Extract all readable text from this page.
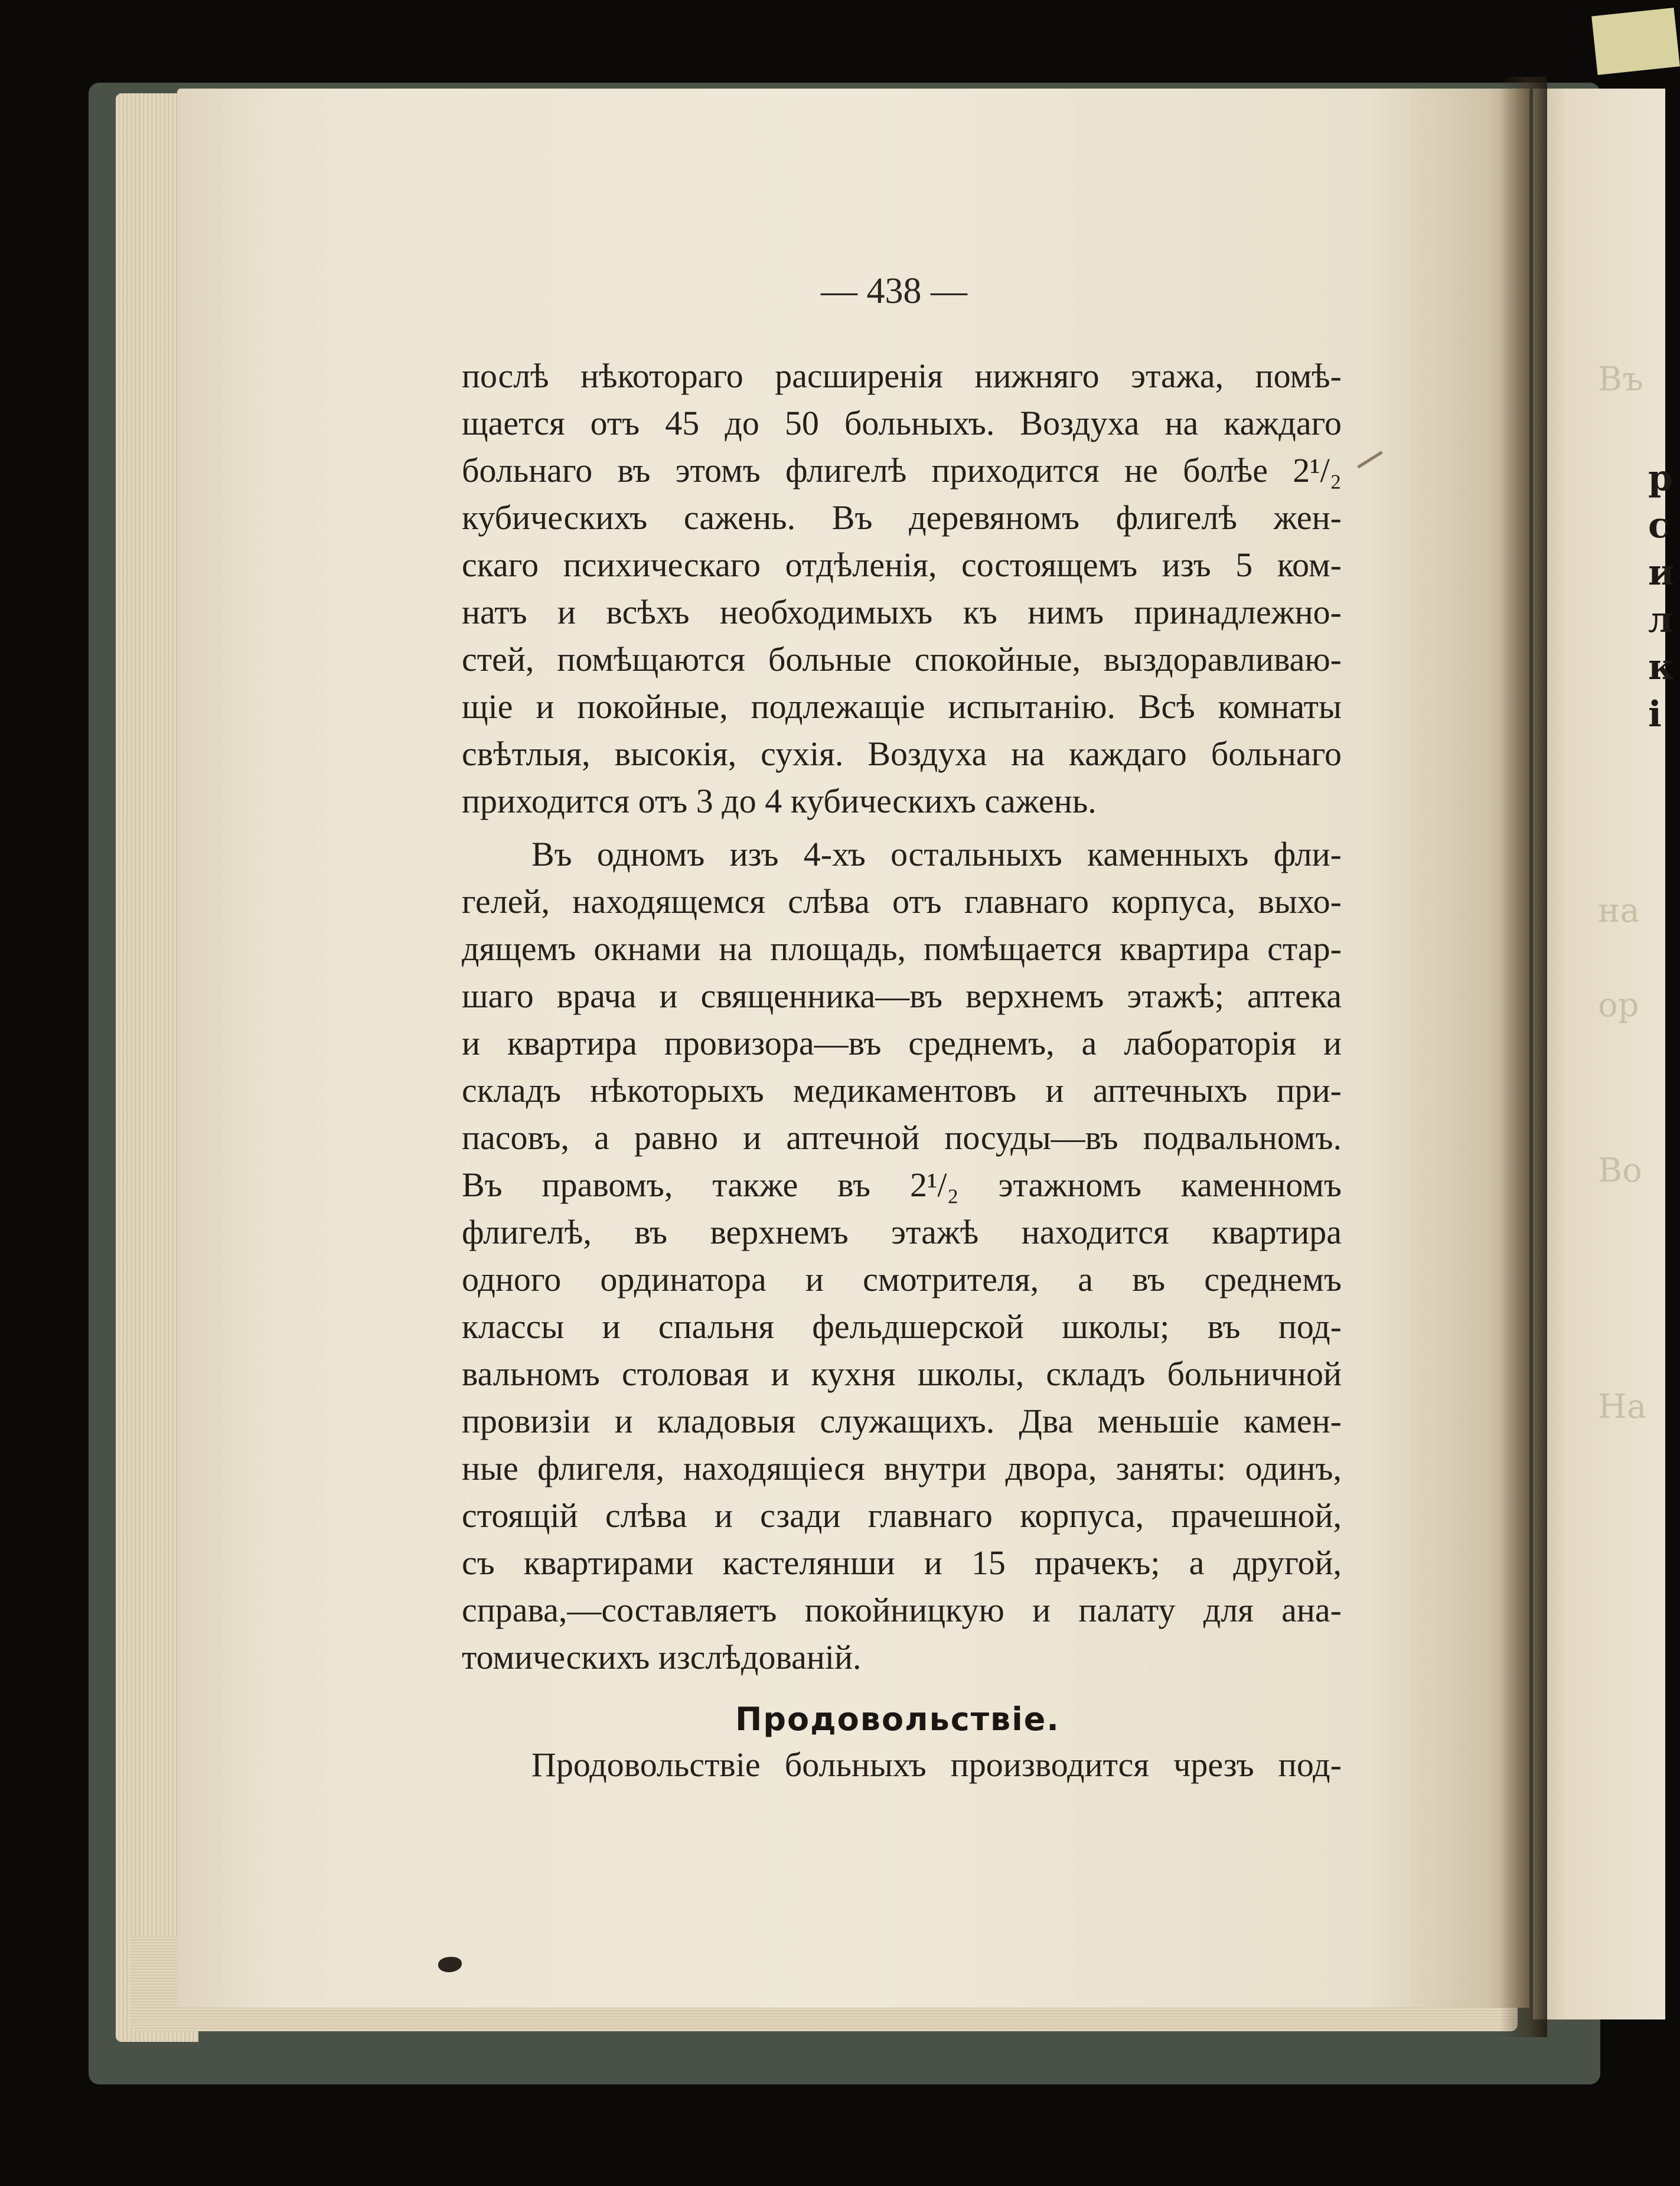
Въ
на
ор
Во
На
р
с
и
л
к
і
— 438 —
послѣ нѣкотораго расширенія нижняго этажа, помѣ-
щается отъ 45 до 50 больныхъ. Воздуха на каждаго
больнаго въ этомъ флигелѣ приходится не болѣе 2¹/₂
кубическихъ сажень. Въ деревяномъ флигелѣ жен-
скаго психическаго отдѣленія, состоящемъ изъ 5 ком-
натъ и всѣхъ необходимыхъ къ нимъ принадлежно-
стей, помѣщаются больные спокойные, выздоравливаю-
щіе и покойные, подлежащіе испытанію. Всѣ комнаты
свѣтлыя, высокія, сухія. Воздуха на каждаго больнаго
приходится отъ 3 до 4 кубическихъ сажень.
Въ одномъ изъ 4-хъ остальныхъ каменныхъ фли-
гелей, находящемся слѣва отъ главнаго корпуса, выхо-
дящемъ окнами на площадь, помѣщается квартира стар-
шаго врача и священника—въ верхнемъ этажѣ; аптека
и квартира провизора—въ среднемъ, а лабораторія и
складъ нѣкоторыхъ медикаментовъ и аптечныхъ при-
пасовъ, а равно и аптечной посуды—въ подвальномъ.
Въ правомъ, также въ 2¹/₂ этажномъ каменномъ
флигелѣ, въ верхнемъ этажѣ находится квартира
одного ординатора и смотрителя, а въ среднемъ
классы и спальня фельдшерской школы; въ под-
вальномъ столовая и кухня школы, складъ больничной
провизіи и кладовыя служащихъ. Два меньшіе камен-
ные флигеля, находящіеся внутри двора, заняты: одинъ,
стоящій слѣва и сзади главнаго корпуса, прачешной,
съ квартирами кастелянши и 15 прачекъ; а другой,
справа,—составляетъ покойницкую и палату для ана-
томическихъ изслѣдованій.
Продовольствіе.
Продовольствіе больныхъ производится чрезъ под-
